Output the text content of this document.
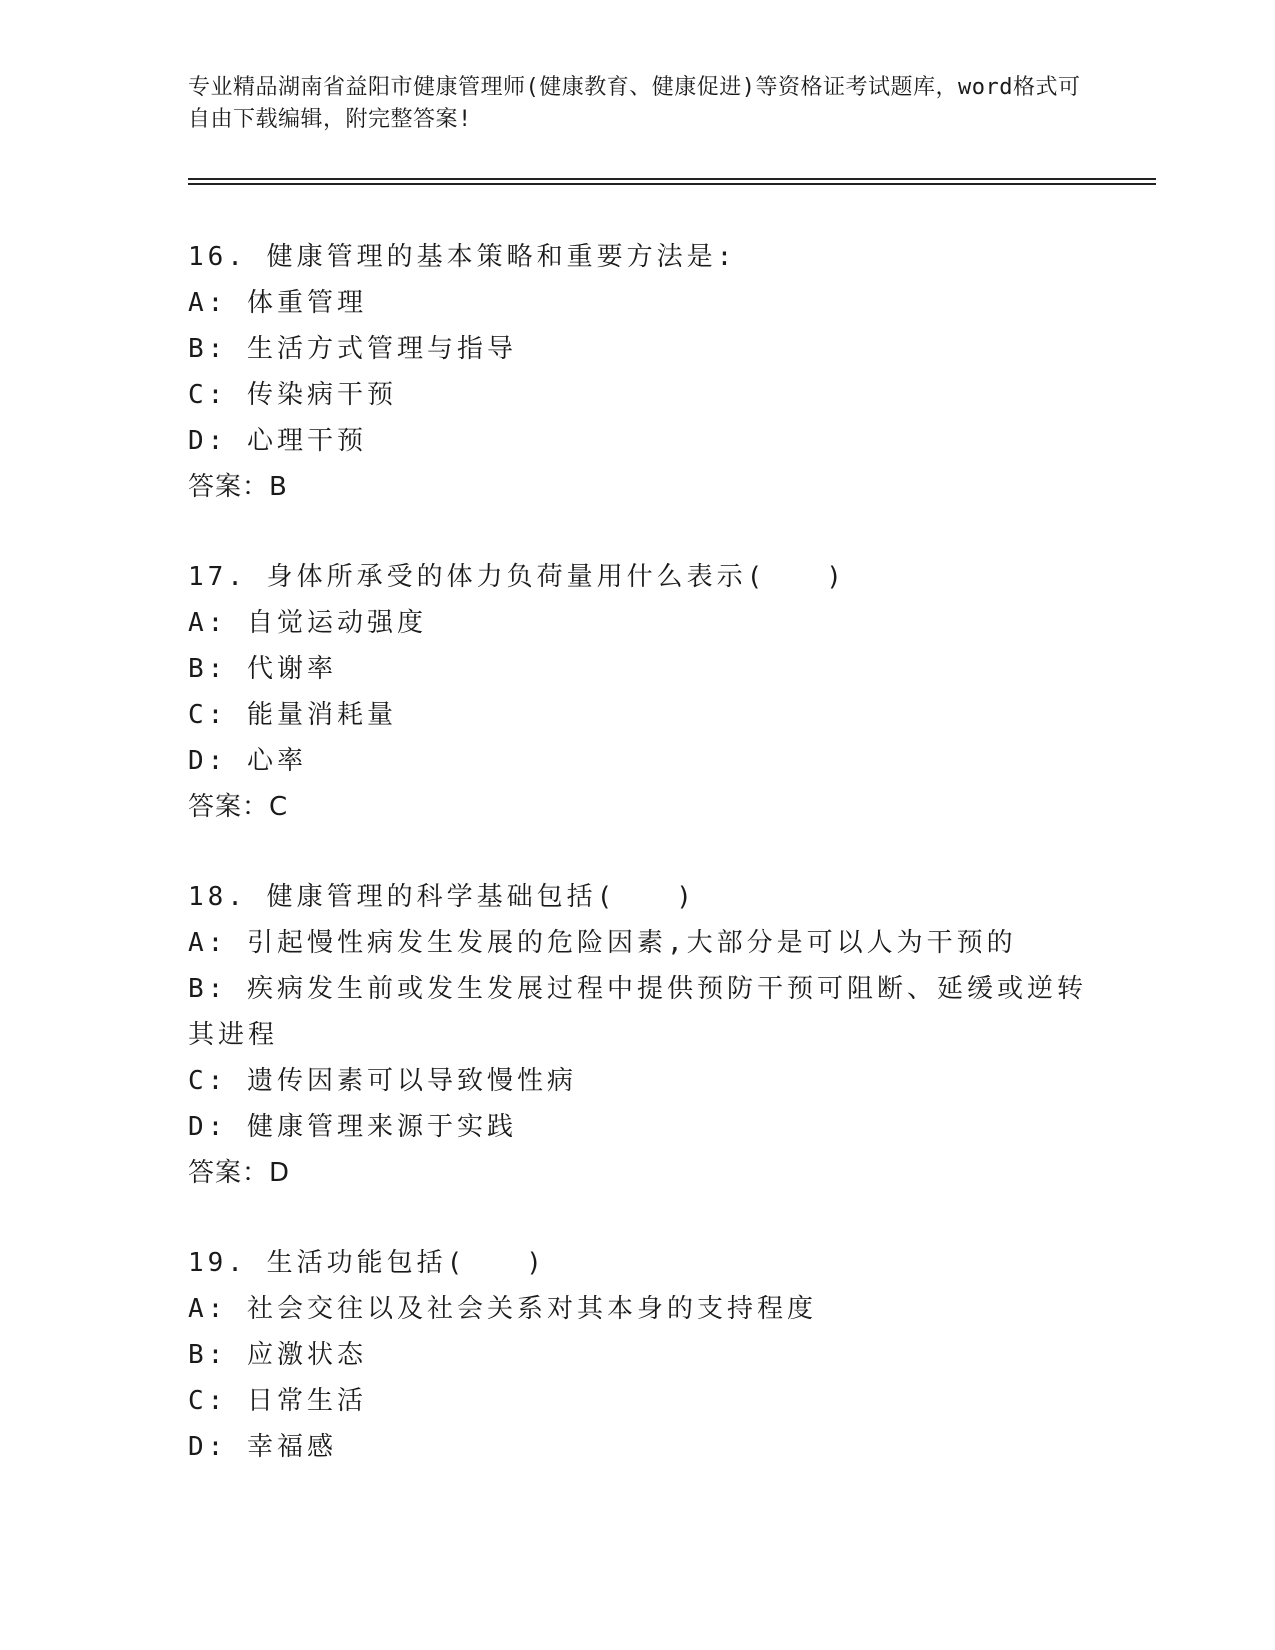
专业精品湖南省益阳市健康管理师(健康教育、健康促进)等资格证考试题库，word格式可自由下载编辑，附完整答案!
16. 健康管理的基本策略和重要方法是:
A: 体重管理
B: 生活方式管理与指导
C: 传染病干预
D: 心理干预
答案：B
17. 身体所承受的体力负荷量用什么表示(　　)
A: 自觉运动强度
B: 代谢率
C: 能量消耗量
D: 心率
答案：C
18. 健康管理的科学基础包括(　　)
A: 引起慢性病发生发展的危险因素,大部分是可以人为干预的
B: 疾病发生前或发生发展过程中提供预防干预可阻断、延缓或逆转其进程
C: 遗传因素可以导致慢性病
D: 健康管理来源于实践
答案：D
19. 生活功能包括(　　)
A: 社会交往以及社会关系对其本身的支持程度
B: 应激状态
C: 日常生活
D: 幸福感
